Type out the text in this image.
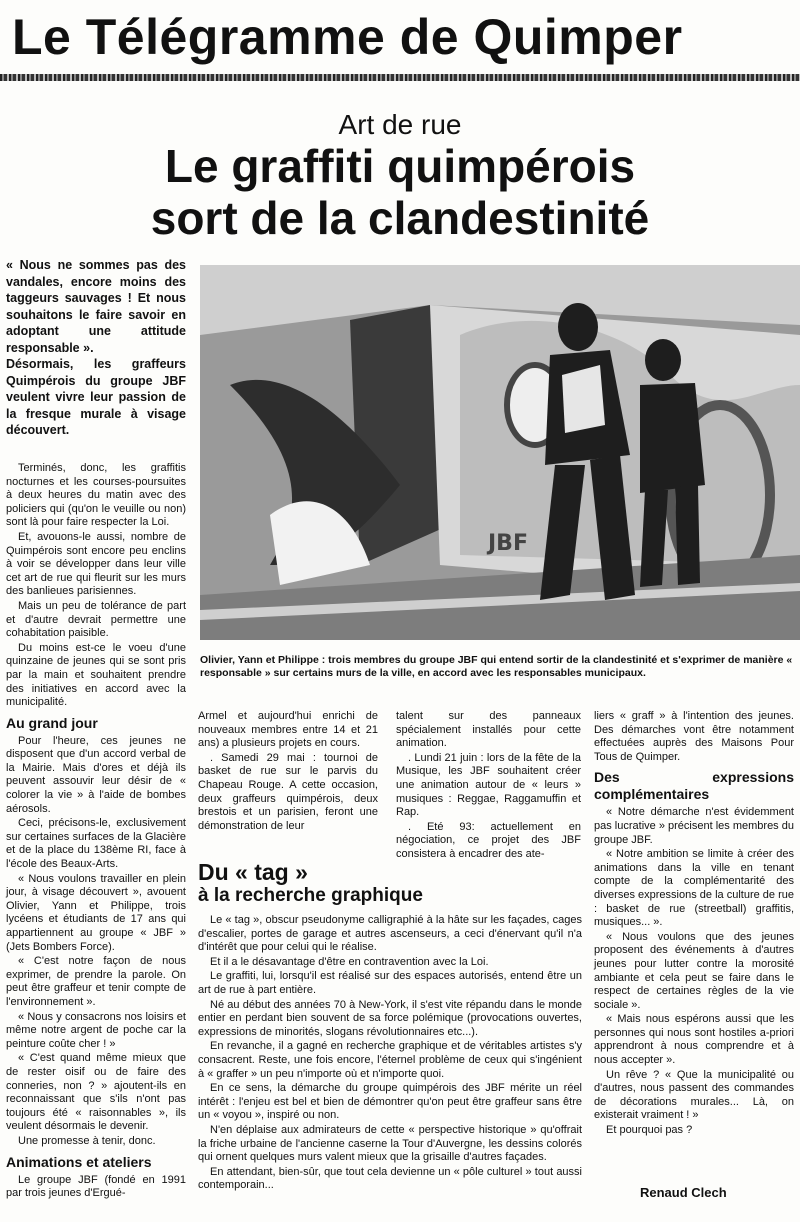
Le Télégramme de Quimper
Art de rue
Le graffiti quimpérois
sort de la clandestinité

« Nous ne sommes pas des vandales, encore moins des taggeurs sauvages ! Et nous souhaitons le faire savoir en adoptant une attitude responsable ».

Désormais, les graffeurs Quimpérois du groupe JBF veulent vivre leur passion de la fresque murale à visage découvert.

JBF
Olivier, Yann et Philippe : trois membres du groupe JBF qui entend sortir de la clandestinité et s'exprimer de manière « responsable » sur certains murs de la ville, en accord avec les responsables municipaux.

Terminés, donc, les graffitis nocturnes et les courses-poursuites à deux heures du matin avec des policiers qui (qu'on le veuille ou non) sont là pour faire respecter la Loi.

Et, avouons-le aussi, nombre de Quimpérois sont encore peu enclins à voir se développer dans leur ville cet art de rue qui fleurit sur les murs des banlieues parisiennes.

Mais un peu de tolérance de part et d'autre devrait permettre une cohabitation paisible.

Du moins est-ce le voeu d'une quinzaine de jeunes qui se sont pris par la main et souhaitent prendre des initiatives en accord avec la municipalité.

Au grand jour

Pour l'heure, ces jeunes ne disposent que d'un accord verbal de la Mairie. Mais d'ores et déjà ils peuvent assouvir leur désir de « colorer la vie » à l'aide de bombes aérosols.

Ceci, précisons-le, exclusivement sur certaines surfaces de la Glacière et de la place du 138ème RI, face à l'école des Beaux-Arts.

« Nous voulons travailler en plein jour, à visage découvert », avouent Olivier, Yann et Philippe, trois lycéens et étudiants de 17 ans qui appartiennent au groupe « JBF » (Jets Bombers Force).

« C'est notre façon de nous exprimer, de prendre la parole. On peut être graffeur et tenir compte de l'environnement ».

« Nous y consacrons nos loisirs et même notre argent de poche car la peinture coûte cher ! »

« C'est quand même mieux que de rester oisif ou de faire des conneries, non ? » ajoutent-ils en reconnaissant que s'ils n'ont pas toujours été « raisonnables », ils veulent désormais le devenir.

Une promesse à tenir, donc.

Animations et ateliers

Le groupe JBF (fondé en 1991 par trois jeunes d'Ergué-

Armel et aujourd'hui enrichi de nouveaux membres entre 14 et 21 ans) a plusieurs projets en cours.

. Samedi 29 mai : tournoi de basket de rue sur le parvis du Chapeau Rouge. A cette occasion, deux graffeurs quimpérois, deux brestois et un parisien, feront une démonstration de leur

talent sur des panneaux spécialement installés pour cette animation.

. Lundi 21 juin : lors de la fête de la Musique, les JBF souhaitent créer une animation autour de « leurs » musiques : Reggae, Raggamuffin et Rap.

. Eté 93: actuellement en négociation, ce projet des JBF consistera à encadrer des ate-

Du « tag »
à la recherche graphique

Le « tag », obscur pseudonyme calligraphié à la hâte sur les façades, cages d'escalier, portes de garage et autres ascenseurs, a ceci d'énervant qu'il n'a d'intérêt que pour celui qui le réalise.

Et il a le désavantage d'être en contravention avec la Loi.

Le graffiti, lui, lorsqu'il est réalisé sur des espaces autorisés, entend être un art de rue à part entière.

Né au début des années 70 à New-York, il s'est vite répandu dans le monde entier en perdant bien souvent de sa force polémique (provocations ouvertes, expressions de minorités, slogans révolutionnaires etc...).

En revanche, il a gagné en recherche graphique et de véritables artistes s'y consacrent. Reste, une fois encore, l'éternel problème de ceux qui s'ingénient à « graffer » un peu n'importe où et n'importe quoi.

En ce sens, la démarche du groupe quimpérois des JBF mérite un réel intérêt : l'enjeu est bel et bien de démontrer qu'on peut être graffeur sans être un « voyou », inspiré ou non.

N'en déplaise aux admirateurs de cette « perspective historique » qu'offrait la friche urbaine de l'ancienne caserne la Tour d'Auvergne, les dessins colorés qui ornent quelques murs valent mieux que la grisaille d'autres façades.

En attendant, bien-sûr, que tout cela devienne un « pôle culturel » tout aussi contemporain...

liers « graff » à l'intention des jeunes. Des démarches vont être notamment effectuées auprès des Maisons Pour Tous de Quimper.

Des expressions complémentaires

« Notre démarche n'est évidemment pas lucrative » précisent les membres du groupe JBF.

« Notre ambition se limite à créer des animations dans la ville en tenant compte de la complémentarité des diverses expressions de la culture de rue : basket de rue (streetball) graffitis, musiques... ».

« Nous voulons que des jeunes proposent des événements à d'autres jeunes pour lutter contre la morosité ambiante et cela peut se faire dans le respect de certaines règles de la vie sociale ».

« Mais nous espérons aussi que les personnes qui nous sont hostiles a-priori apprendront à nous comprendre et à nous accepter ».

Un rêve ? « Que la municipalité ou d'autres, nous passent des commandes de décorations murales... Là, on existerait vraiment ! »

Et pourquoi pas ?

Renaud Clech
